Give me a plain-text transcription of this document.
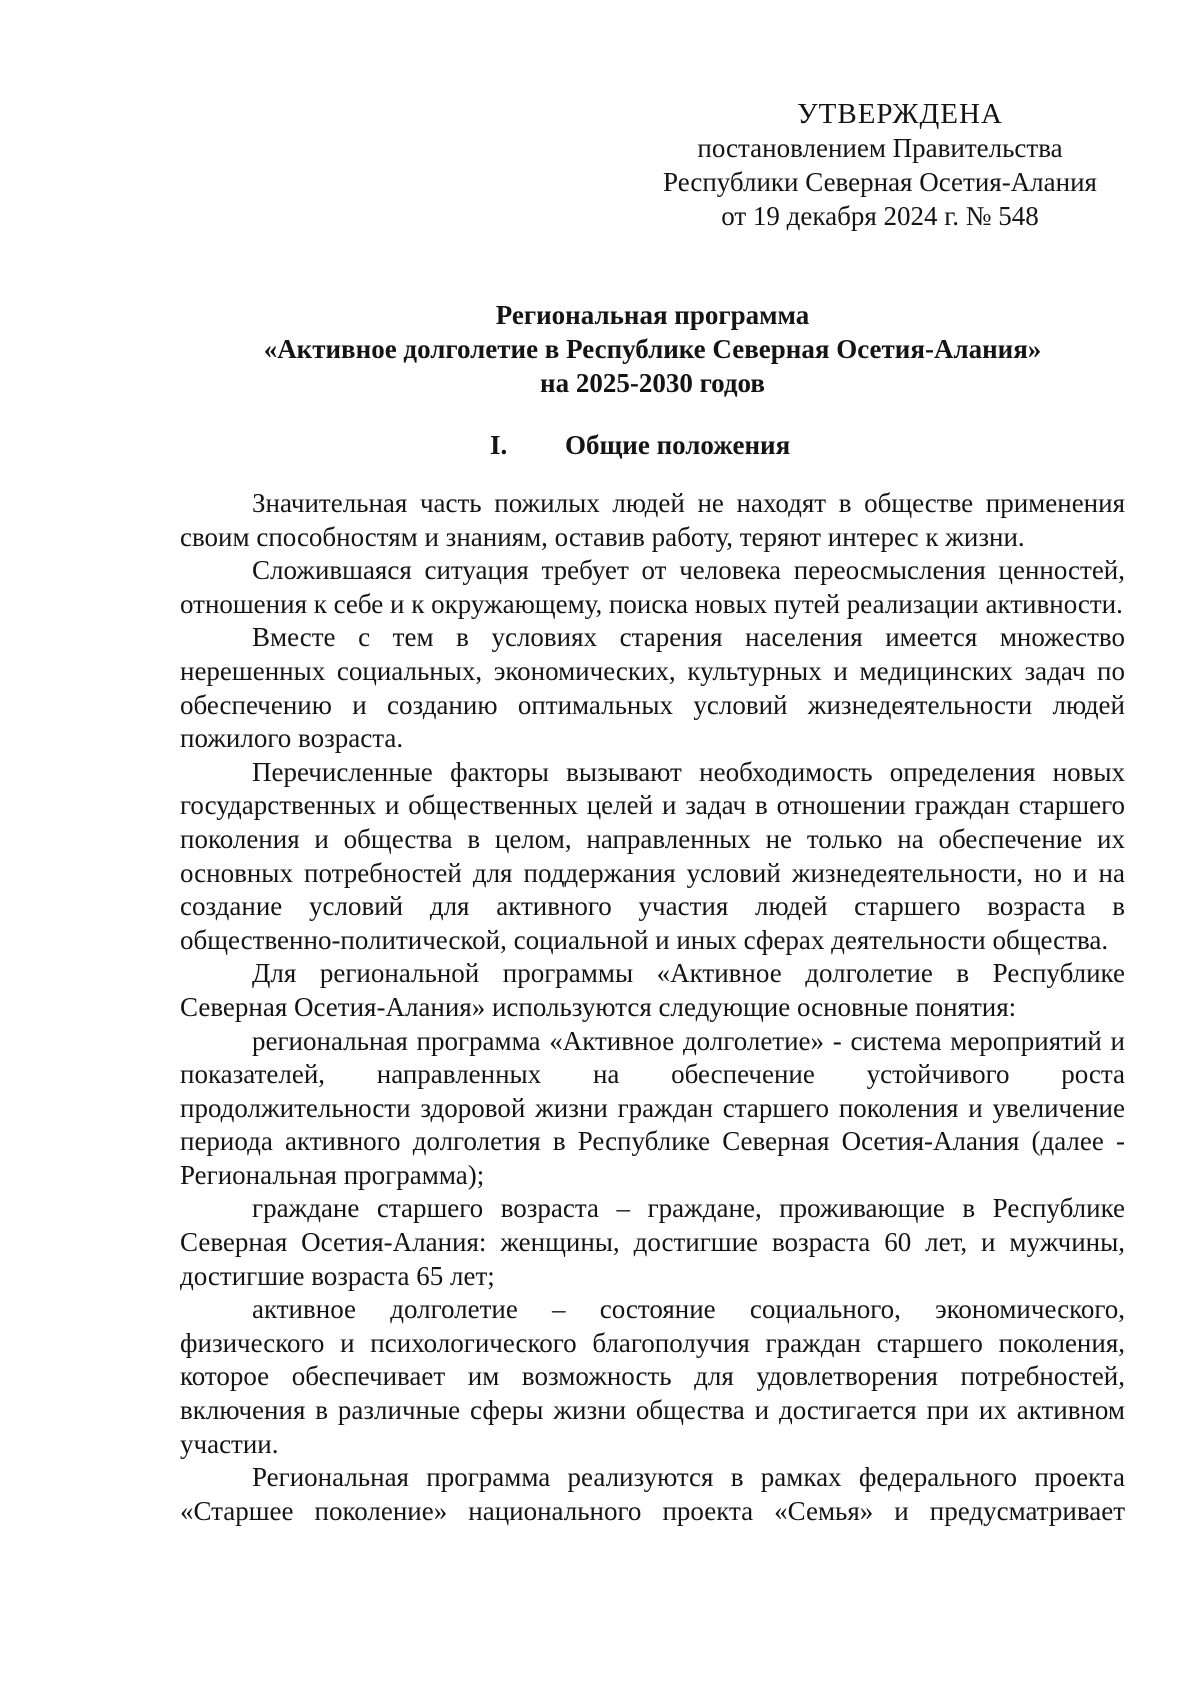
УТВЕРЖДЕНА
постановлением Правительства
Республики Северная Осетия-Алания
от 19 декабря 2024 г. № 548
Региональная программа
«Активное долголетие в Республике Северная Осетия-Алания»
на 2025-2030 годов
I. Общие положения

Значительная часть пожилых людей не находят в обществе применения своим способностям и знаниям, оставив работу, теряют интерес к жизни.

Сложившаяся ситуация требует от человека переосмысления ценностей, отношения к себе и к окружающему, поиска новых путей реализации активности.

Вместе с тем в условиях старения населения имеется множество нерешенных социальных, экономических, культурных и медицинских задач по обеспечению и созданию оптимальных условий жизнедеятельности людей пожилого возраста.

Перечисленные факторы вызывают необходимость определения новых государственных и общественных целей и задач в отношении граждан старшего поколения и общества в целом, направленных не только на обеспечение их основных потребностей для поддержания условий жизнедеятельности, но и на создание условий для активного участия людей старшего возраста в общественно-политической, социальной и иных сферах деятельности общества.

Для региональной программы «Активное долголетие в Республике Северная Осетия-Алания» используются следующие основные понятия:

региональная программа «Активное долголетие» - система мероприятий и показателей, направленных на обеспечение устойчивого роста продолжительности здоровой жизни граждан старшего поколения и увеличение периода активного долголетия в Республике Северная Осетия-Алания (далее - Региональная программа);

граждане старшего возраста – граждане, проживающие в Республике Северная Осетия-Алания: женщины, достигшие возраста 60 лет, и мужчины, достигшие возраста 65 лет;

активное долголетие – состояние социального, экономического, физического и психологического благополучия граждан старшего поколения, которое обеспечивает им возможность для удовлетворения потребностей, включения в различные сферы жизни общества и достигается при их активном участии.

Региональная программа реализуются в рамках федерального проекта «Старшее поколение» национального проекта «Семья» и предусматривает
